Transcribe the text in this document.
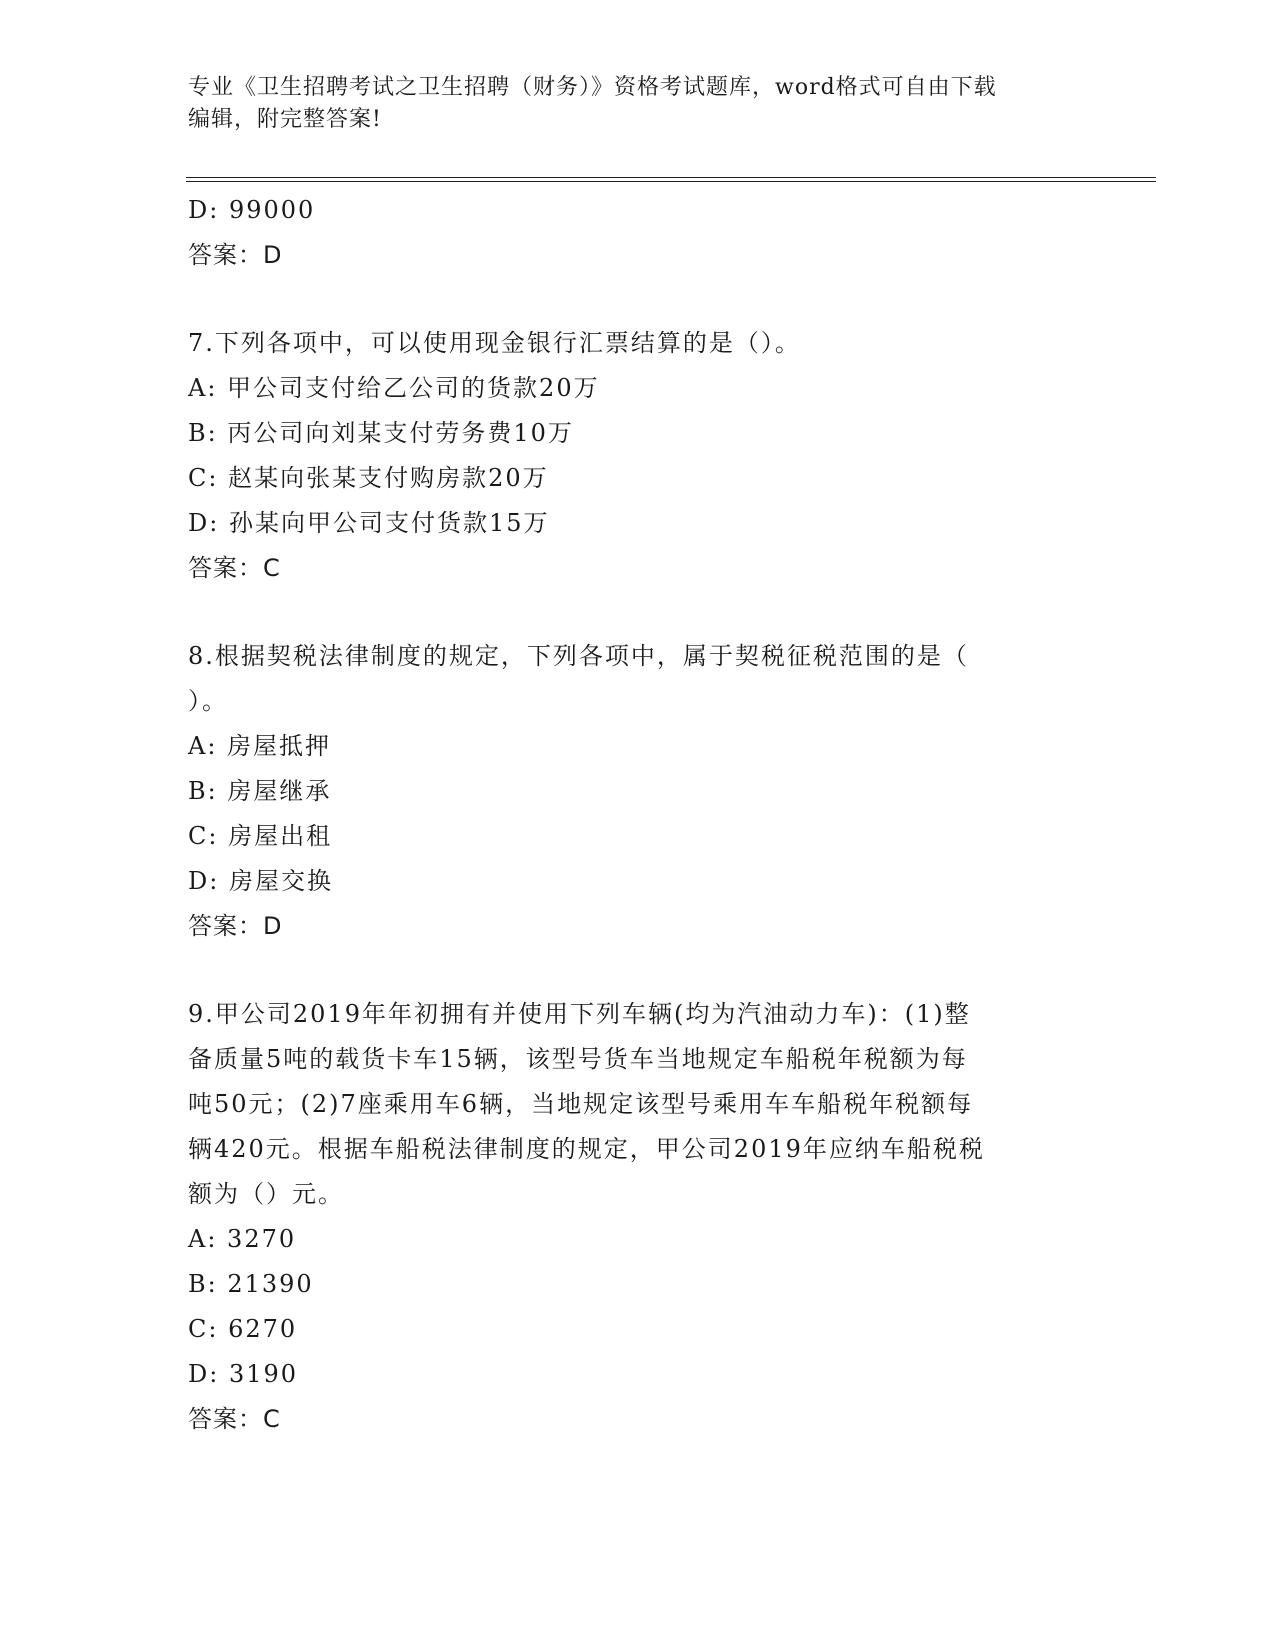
专业《卫生招聘考试之卫生招聘（财务）》资格考试题库，word格式可自由下载
编辑，附完整答案!
D: 99000
答案：D
7.下列各项中，可以使用现金银行汇票结算的是（）。
A: 甲公司支付给乙公司的货款20万
B: 丙公司向刘某支付劳务费10万
C: 赵某向张某支付购房款20万
D: 孙某向甲公司支付货款15万
答案：C
8.根据契税法律制度的规定，下列各项中，属于契税征税范围的是（
）。
A: 房屋抵押
B: 房屋继承
C: 房屋出租
D: 房屋交换
答案：D
9.甲公司2019年年初拥有并使用下列车辆(均为汽油动力车)：(1)整
备质量5吨的载货卡车15辆，该型号货车当地规定车船税年税额为每
吨50元；(2)7座乘用车6辆，当地规定该型号乘用车车船税年税额每
辆420元。根据车船税法律制度的规定，甲公司2019年应纳车船税税
额为（）元。
A: 3270
B: 21390
C: 6270
D: 3190
答案：C
